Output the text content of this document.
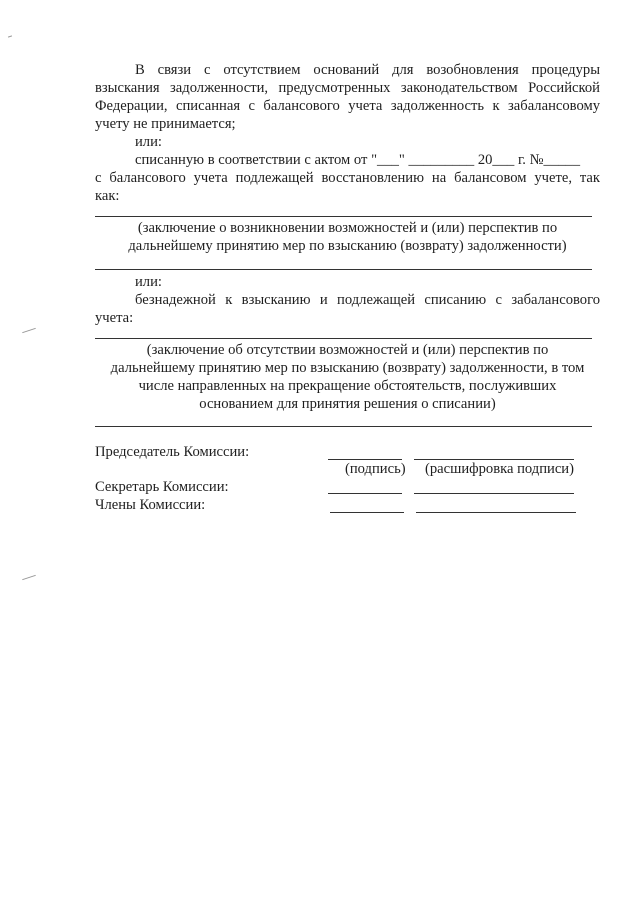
В связи с отсутствием оснований для возобновления процедуры
взыскания задолженности, предусмотренных законодательством Российской
Федерации, списанная с балансового учета задолженность к забалансовому
учету не принимается;
или:
списанную в соответствии с актом от "___" _________ 20___ г. №_____
с балансового учета подлежащей восстановлению на балансовом учете, так
как:
(заключение о возникновении возможностей и (или) перспектив по
дальнейшему принятию мер по взысканию (возврату) задолженности)
или:
безнадежной к взысканию и подлежащей списанию с забалансового
учета:
(заключение об отсутствии возможностей и (или) перспектив по
дальнейшему принятию мер по взысканию (возврату) задолженности, в том
числе направленных на прекращение обстоятельств, послуживших
основанием для принятия решения о списании)
Председатель Комиссии:
(подпись) (расшифровка подписи)
Секретарь Комиссии:
Члены Комиссии:
